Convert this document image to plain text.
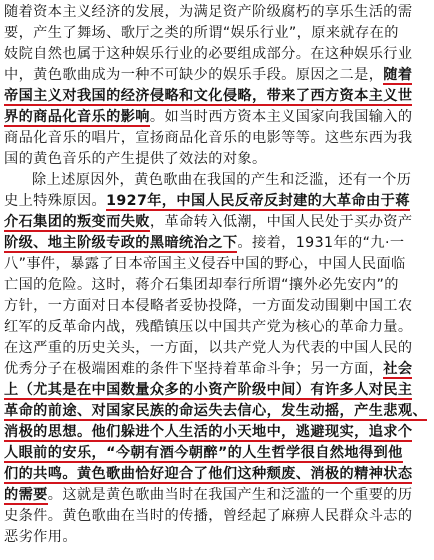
随着资本主义经济的发展，为满足资产阶级腐朽的享乐生活的需
要，产生了舞场、歌厅之类的所谓“娱乐行业”，原来就存在的
妓院自然也属于这种娱乐行业的必要组成部分。在这种娱乐行业
中，黄色歌曲成为一种不可缺少的娱乐手段。原因之二是，随着
帝国主义对我国的经济侵略和文化侵略，带来了西方资本主义世
界的商品化音乐的影响。如当时西方资本主义国家向我国输入的
商品化音乐的唱片，宣扬商品化音乐的电影等等。这些东西为我
国的黄色音乐的产生提供了效法的对象。
除上述原因外，黄色歌曲在我国的产生和泛滥，还有一个历
史上特殊原因。1927年，中国人民反帝反封建的大革命由于蒋
介石集团的叛变而失败，革命转入低潮，中国人民处于买办资产
阶级、地主阶级专政的黑暗统治之下。接着，1931年的“九·一
八”事件，暴露了日本帝国主义侵吞中国的野心，中国人民面临
亡国的危险。这时，蒋介石集团却奉行所谓“攘外必先安内”的
方针，一方面对日本侵略者妥协投降，一方面发动围剿中国工农
红军的反革命内战，残酷镇压以中国共产党为核心的革命力量。
在这严重的历史关头，一方面，以共产党人为代表的中国人民的
优秀分子在极端困难的条件下坚持着革命斗争；另一方面，社会
上（尤其是在中国数量众多的小资产阶级中间）有许多人对民主
革命的前途、对国家民族的命运失去信心，发生动摇，产生悲观、
消极的思想。他们躲进个人生活的小天地中，逃避现实，追求个
人眼前的安乐，“今朝有酒今朝醉”的人生哲学很自然地得到他
们的共鸣。黄色歌曲恰好迎合了他们这种颓废、消极的精神状态
的需要。这就是黄色歌曲当时在我国产生和泛滥的一个重要的历
史条件。黄色歌曲在当时的传播，曾经起了麻痹人民群众斗志的
恶劣作用。
